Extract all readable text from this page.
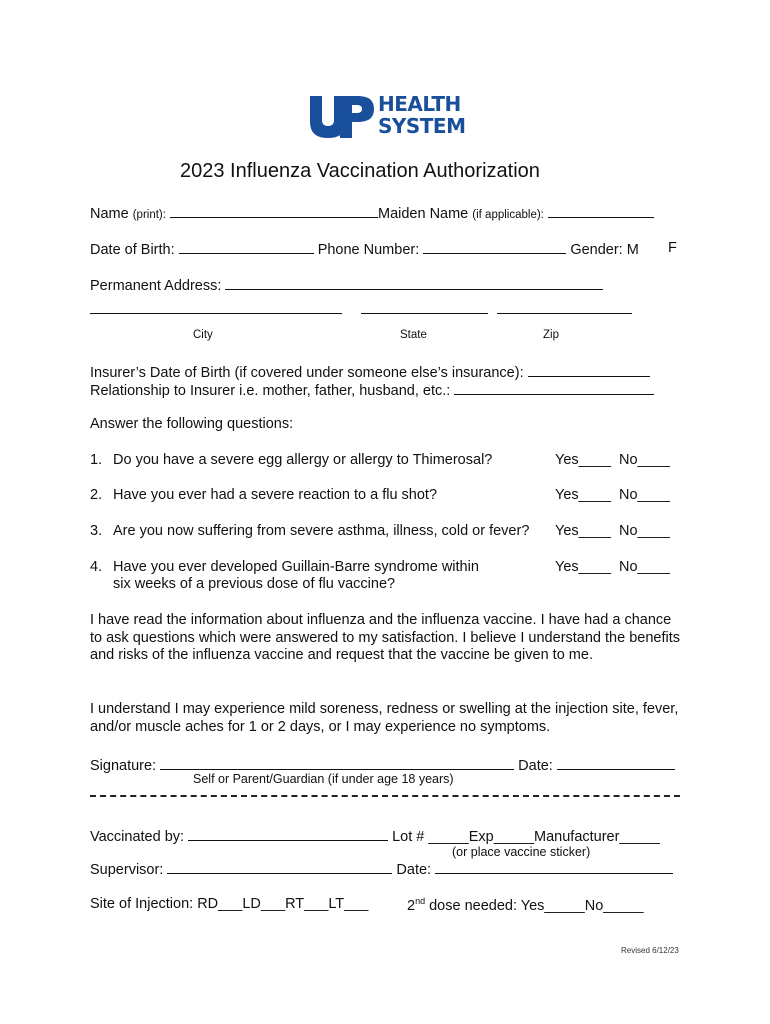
HEALTH
SYSTEM
2023 Influenza Vaccination Authorization
Name (print):	Maiden Name (if applicable):
Date of Birth:	Phone Number:	Gender: M F
Permanent Address:
City	State	Zip
Insurer’s Date of Birth (if covered under someone else’s insurance):
Relationship to Insurer i.e. mother, father, husband, etc.:
Answer the following questions:
1. Do you have a severe egg allergy or allergy to Thimerosal?	Yes____ No____
2. Have you ever had a severe reaction to a flu shot?	Yes____ No____
3. Are you now suffering from severe asthma, illness, cold or fever? Yes____ No____
4. Have you ever developed Guillain-Barre syndrome within
six weeks of a previous dose of flu vaccine?
Yes____ No____
I have read the information about influenza and the influenza vaccine. I have had a chance to ask questions which were answered to my satisfaction. I believe I understand the benefits and risks of the influenza vaccine and request that the vaccine be given to me.
I understand I may experience mild soreness, redness or swelling at the injection site, fever, and/or muscle aches for 1 or 2 days, or I may experience no symptoms.
Signature:	Date:
Self or Parent/Guardian (if under age 18 years)
Vaccinated by:	Lot # _____Exp_____Manufacturer_____
(or place vaccine sticker)
Supervisor:	Date:
Site of Injection: RD___LD___RT___LT___	2nd dose needed: Yes_____No_____
Revised 6/12/23
